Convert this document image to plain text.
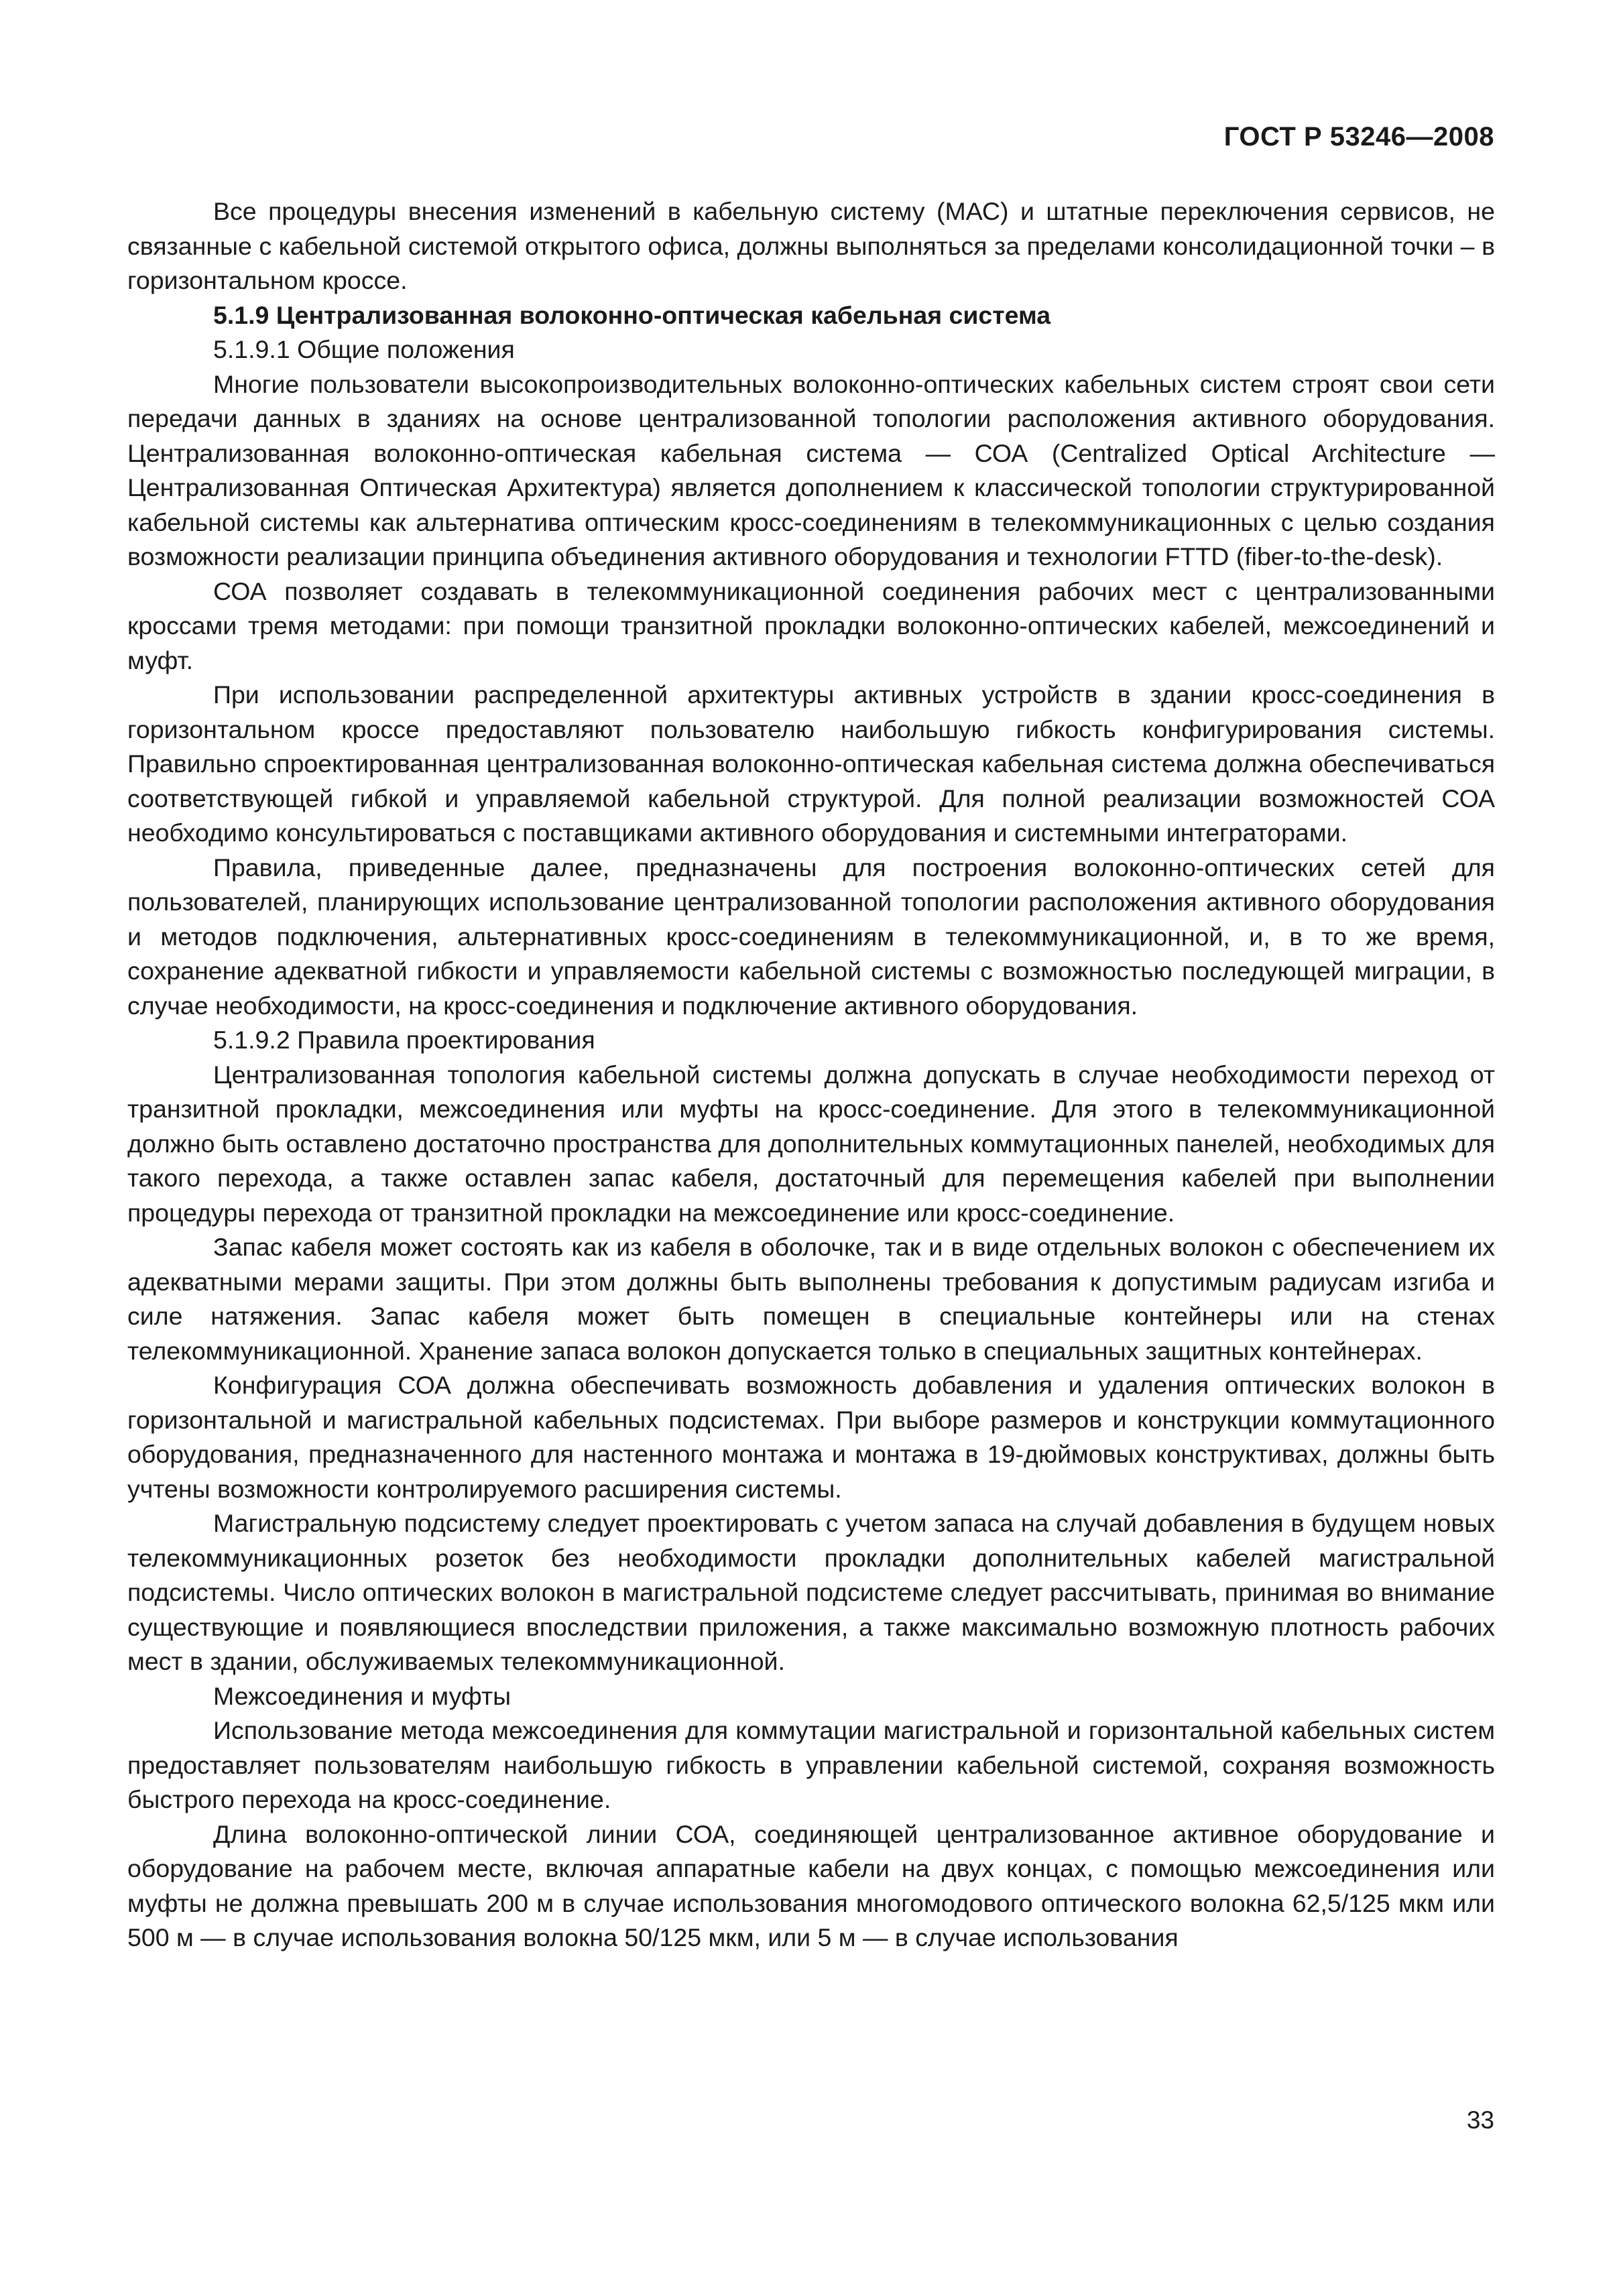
ГОСТ Р 53246—2008

Все процедуры внесения изменений в кабельную систему (МАС) и штатные переключения сервисов, не связанные с кабельной системой открытого офиса, должны выполняться за пределами консолидационной точки – в горизонтальном кроссе.

5.1.9 Централизованная волоконно-оптическая кабельная система

5.1.9.1 Общие положения

Многие пользователи высокопроизводительных волоконно-оптических кабельных систем строят свои сети передачи данных в зданиях на основе централизованной топологии расположения активного оборудования. Централизованная волоконно-оптическая кабельная система — СОА (Centralized Optical Architecture — Централизованная Оптическая Архитектура) является дополнением к классической топологии структурированной кабельной системы как альтернатива оптическим кросс-соединениям в телекоммуникационных с целью создания возможности реализации принципа объединения активного оборудования и технологии FTTD (fiber-to-the-desk).

СОА позволяет создавать в телекоммуникационной соединения рабочих мест с централизованными кроссами тремя методами: при помощи транзитной прокладки волоконно-оптических кабелей, межсоединений и муфт.

При использовании распределенной архитектуры активных устройств в здании кросс-соединения в горизонтальном кроссе предоставляют пользователю наибольшую гибкость конфигурирования системы. Правильно спроектированная централизованная волоконно-оптическая кабельная система должна обеспечиваться соответствующей гибкой и управляемой кабельной структурой. Для полной реализации возможностей СОА необходимо консультироваться с поставщиками активного оборудования и системными интеграторами.

Правила, приведенные далее, предназначены для построения волоконно-оптических сетей для пользователей, планирующих использование централизованной топологии расположения активного оборудования и методов подключения, альтернативных кросс-соединениям в телекоммуникационной, и, в то же время, сохранение адекватной гибкости и управляемости кабельной системы с возможностью последующей миграции, в случае необходимости, на кросс-соединения и подключение активного оборудования.

5.1.9.2 Правила проектирования

Централизованная топология кабельной системы должна допускать в случае необходимости переход от транзитной прокладки, межсоединения или муфты на кросс-соединение. Для этого в телекоммуникационной должно быть оставлено достаточно пространства для дополнительных коммутационных панелей, необходимых для такого перехода, а также оставлен запас кабеля, достаточный для перемещения кабелей при выполнении процедуры перехода от транзитной прокладки на межсоединение или кросс-соединение.

Запас кабеля может состоять как из кабеля в оболочке, так и в виде отдельных волокон с обеспечением их адекватными мерами защиты. При этом должны быть выполнены требования к допустимым радиусам изгиба и силе натяжения. Запас кабеля может быть помещен в специальные контейнеры или на стенах телекоммуникационной. Хранение запаса волокон допускается только в специальных защитных контейнерах.

Конфигурация СОА должна обеспечивать возможность добавления и удаления оптических волокон в горизонтальной и магистральной кабельных подсистемах. При выборе размеров и конструкции коммутационного оборудования, предназначенного для настенного монтажа и монтажа в 19-дюймовых конструктивах, должны быть учтены возможности контролируемого расширения системы.

Магистральную подсистему следует проектировать с учетом запаса на случай добавления в будущем новых телекоммуникационных розеток без необходимости прокладки дополнительных кабелей магистральной подсистемы. Число оптических волокон в магистральной подсистеме следует рассчитывать, принимая во внимание существующие и появляющиеся впоследствии приложения, а также максимально возможную плотность рабочих мест в здании, обслуживаемых телекоммуникационной.

Межсоединения и муфты

Использование метода межсоединения для коммутации магистральной и горизонтальной кабельных систем предоставляет пользователям наибольшую гибкость в управлении кабельной системой, сохраняя возможность быстрого перехода на кросс-соединение.

Длина волоконно-оптической линии СОА, соединяющей централизованное активное оборудование и оборудование на рабочем месте, включая аппаратные кабели на двух концах, с помощью межсоединения или муфты не должна превышать 200 м в случае использования многомодового оптического волокна 62,5/125 мкм или 500 м — в случае использования волокна 50/125 мкм, или 5 м — в случае использования

33
